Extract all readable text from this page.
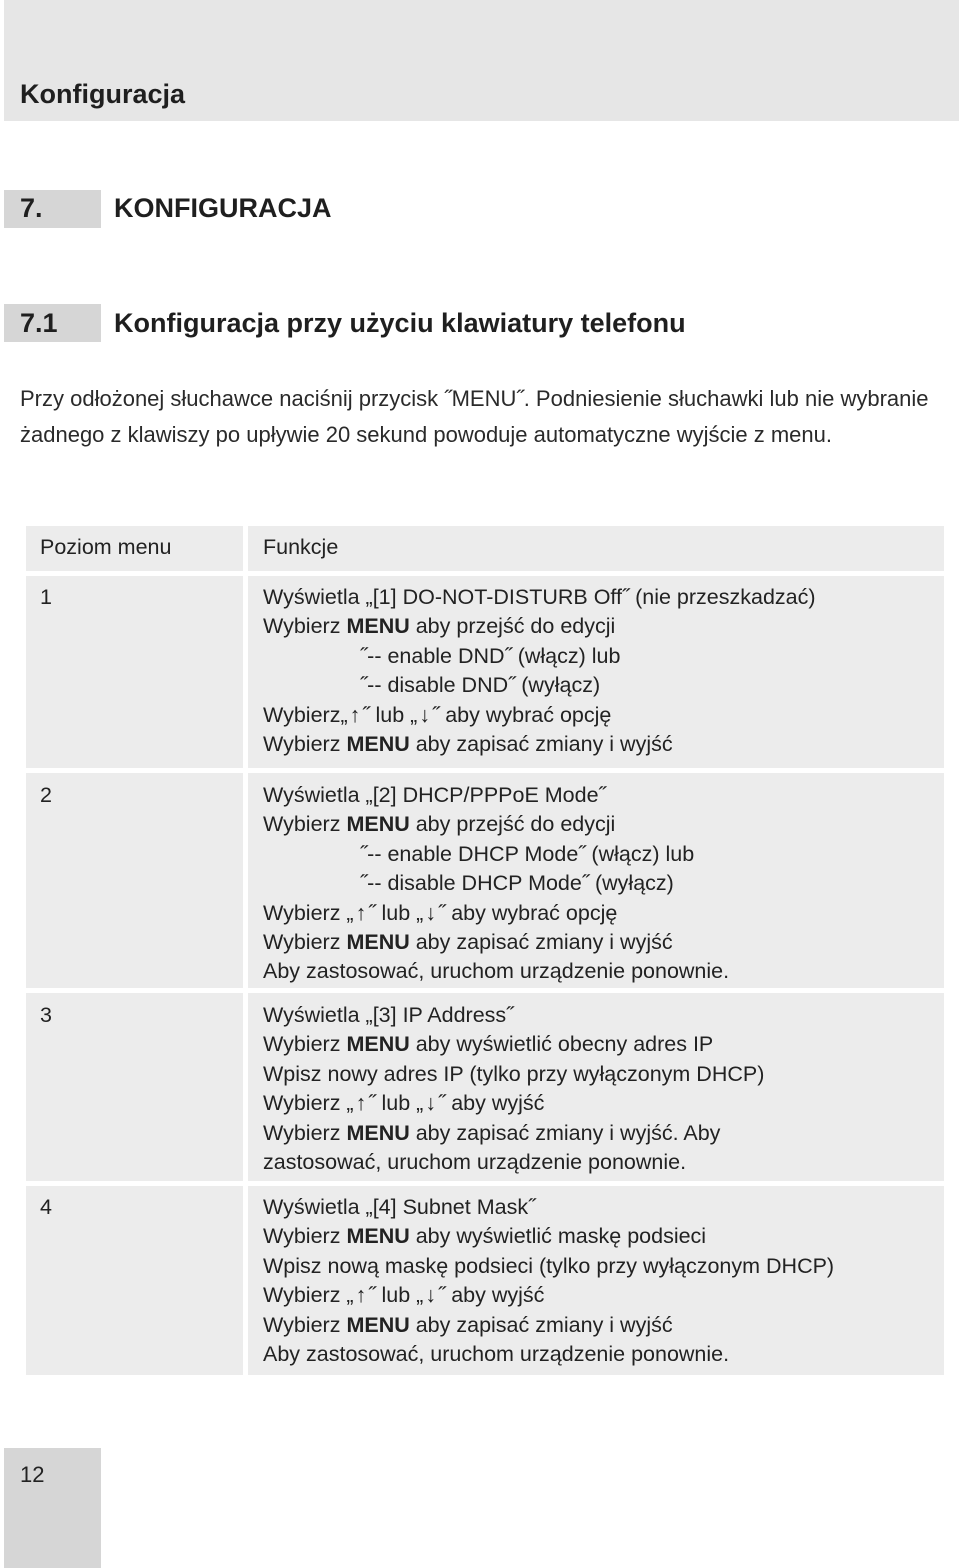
Konfiguracja
7.	KONFIGURACJA
7.1 Konfiguracja przy użyciu klawiatury telefonu
Przy odłożonej słuchawce naciśnij przycisk ˝MENU˝. Podniesienie słuchawki lub nie wybranie żadnego z klawiszy po upływie 20 sekund powoduje automatyczne wyjście z menu.
Poziom menu	Funkcje
1	Wyświetla „[1] DO-NOT-DISTURB Off˝ (nie przeszkadzać)
Wybierz MENU aby przejść do edycji
˝-- enable DND˝ (włącz) lub
˝-- disable DND˝ (wyłącz)
Wybierz„↑˝ lub „↓˝ aby wybrać opcję
Wybierz MENU aby zapisać zmiany i wyjść
2	Wyświetla „[2] DHCP/PPPoE Mode˝
Wybierz MENU aby przejść do edycji
˝-- enable DHCP Mode˝ (włącz) lub
˝-- disable DHCP Mode˝ (wyłącz)
Wybierz „↑˝ lub „↓˝ aby wybrać opcję
Wybierz MENU aby zapisać zmiany i wyjść
Aby zastosować, uruchom urządzenie ponownie.
3	Wyświetla „[3] IP Address˝
Wybierz MENU aby wyświetlić obecny adres IP
Wpisz nowy adres IP (tylko przy wyłączonym DHCP)
Wybierz „↑˝ lub „↓˝ aby wyjść
Wybierz MENU aby zapisać zmiany i wyjść. Aby
zastosować, uruchom urządzenie ponownie.
4	Wyświetla „[4] Subnet Mask˝
Wybierz MENU aby wyświetlić maskę podsieci
Wpisz nową maskę podsieci (tylko przy wyłączonym DHCP)
Wybierz „↑˝ lub „↓˝ aby wyjść
Wybierz MENU aby zapisać zmiany i wyjść
Aby zastosować, uruchom urządzenie ponownie.
12
